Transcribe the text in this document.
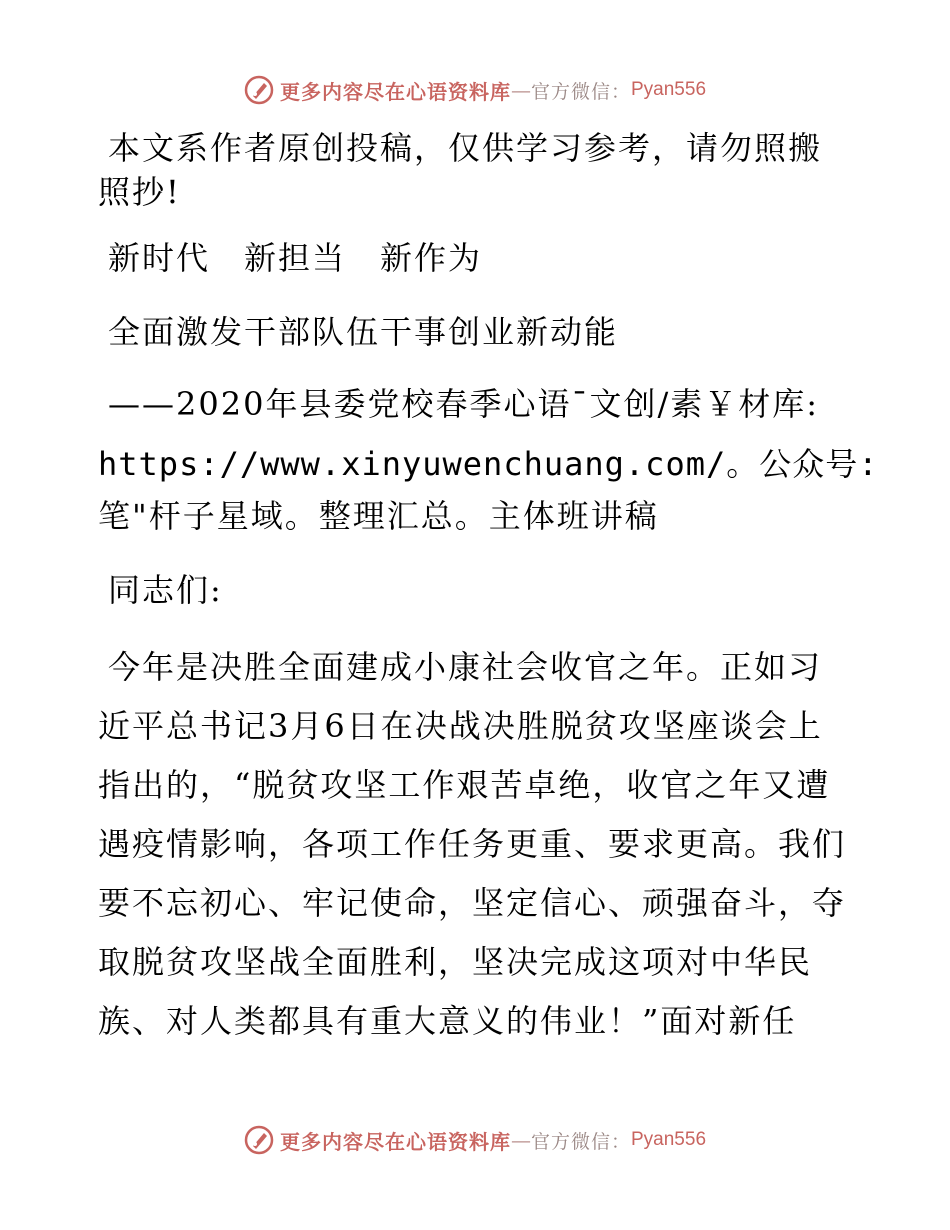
更多内容尽在心语资料库 — 官方微信： Pyan556
本文系作者原创投稿，仅供学习参考，请勿照搬
照抄!
新时代　新担当　新作为
全面激发干部队伍干事创业新动能
——2020年县委党校春季心语¯文创/素￥材库:
https://www.xinyuwenchuang.com/。公众号:
笔"杆子星域。整理汇总。主体班讲稿
同志们:
今年是决胜全面建成小康社会收官之年。正如习
近平总书记3月6日在决战决胜脱贫攻坚座谈会上
指出的，“脱贫攻坚工作艰苦卓绝，收官之年又遭
遇疫情影响，各项工作任务更重、要求更高。我们
要不忘初心、牢记使命，坚定信心、顽强奋斗，夺
取脱贫攻坚战全面胜利，坚决完成这项对中华民
族、对人类都具有重大意义的伟业！”面对新任
更多内容尽在心语资料库 — 官方微信： Pyan556
